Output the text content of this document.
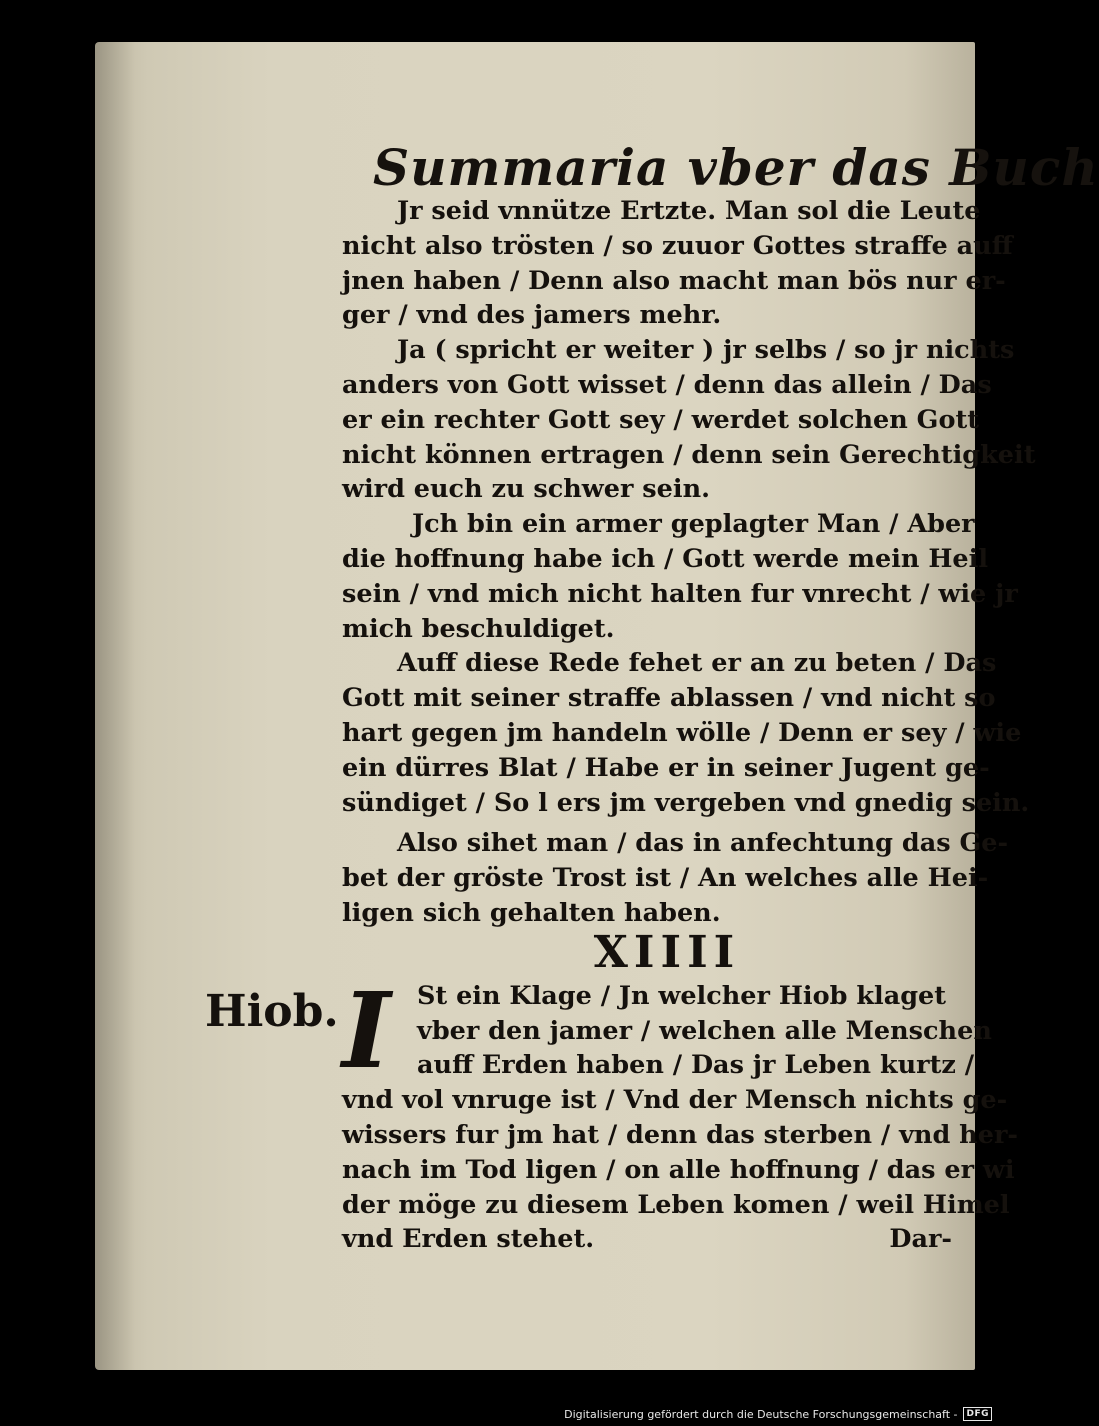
Summaria vber das Buch
Jr seid vnnütze Ertzte. Man sol die Leute
nicht also trösten / so zuuor Gottes straffe auff
jnen haben / Denn also macht man bös nur er-
ger / vnd des jamers mehr.
Ja ( spricht er weiter ) jr selbs / so jr nichts
anders von Gott wisset / denn das allein / Das
er ein rechter Gott sey / werdet solchen Gott
nicht können ertragen / denn sein Gerechtigkeit
wird euch zu schwer sein.
Jch bin ein armer geplagter Man / Aber
die hoffnung habe ich / Gott werde mein Heil
sein / vnd mich nicht halten fur vnrecht / wie jr
mich beschuldiget.
Auff diese Rede fehet er an zu beten / Das
Gott mit seiner straffe ablassen / vnd nicht so
hart gegen jm handeln wölle / Denn er sey / wie
ein dürres Blat / Habe er in seiner Jugent ge-
sündiget / So l ers jm vergeben vnd gnedig sein.
Also sihet man / das in anfechtung das Ge-
bet der gröste Trost ist / An welches alle Hei-
ligen sich gehalten haben.
XIIII
I	St ein Klage / Jn welcher Hiob klaget
vber den jamer / welchen alle Menschen
auff Erden haben / Das jr Leben kurtz /
vnd vol vnruge ist / Vnd der Mensch nichts ge-
wissers fur jm hat / denn das sterben / vnd her-
nach im Tod ligen / on alle hoffnung / das er wi
der möge zu diesem Leben komen / weil Himel
vnd Erden stehet.	Dar-
Hiob.
Digitalisierung gefördert durch die Deutsche Forschungsgemeinschaft -	DFG
